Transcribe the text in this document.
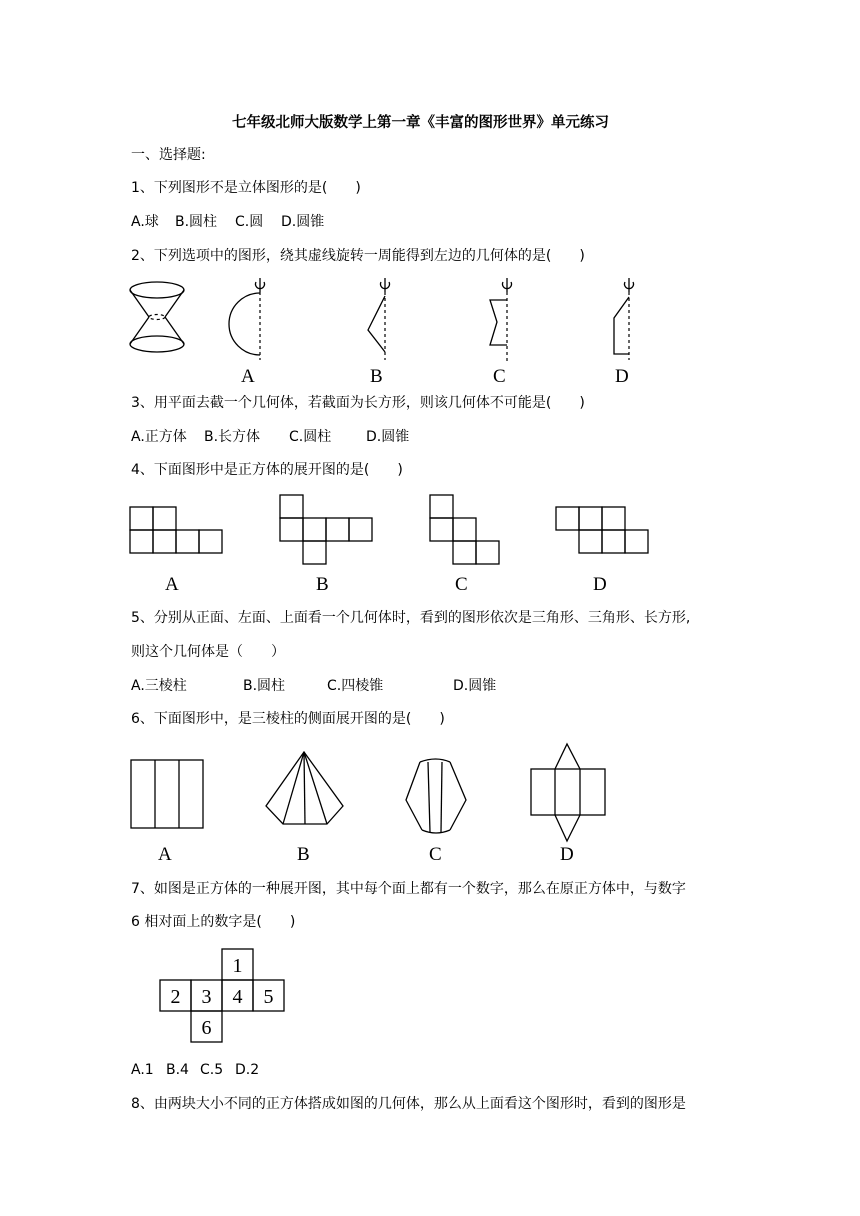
七年级北师大版数学上第一章《丰富的图形世界》单元练习
一、选择题:
1、下列图形不是立体图形的是(　　)
A.球 B.圆柱 C.圆 D.圆锥
2、下列选项中的图形，绕其虚线旋转一周能得到左边的几何体的是(　　)
3、用平面去截一个几何体，若截面为长方形，则该几何体不可能是(　　)
A.正方体 B.长方体 C.圆柱 D.圆锥
4、下面图形中是正方体的展开图的是(　　)
5、分别从正面、左面、上面看一个几何体时，看到的图形依次是三角形、三角形、长方形,
则这个几何体是（　　）
A.三棱柱	B.圆柱	C.四棱锥	D.圆锥
6、下面图形中，是三棱柱的侧面展开图的是(　　)
7、如图是正方体的一种展开图，其中每个面上都有一个数字，那么在原正方体中，与数字
6 相对面上的数字是(　　)
A.1 B.4 C.5 D.2
8、由两块大小不同的正方体搭成如图的几何体，那么从上面看这个图形时，看到的图形是
A	B	C	D
A	B	C	D
A	B	C	D
1
2 3 4 5
6
